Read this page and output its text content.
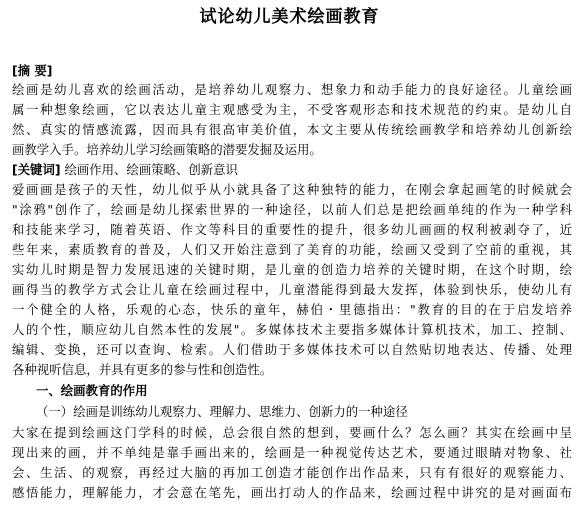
试论幼儿美术绘画教育
[摘 要]
绘画是幼儿喜欢的绘画活动，是培养幼儿观察力、想象力和动手能力的良好途径。儿童绘画
属一种想象绘画，它以表达儿童主观感受为主，不受客观形态和技术规范的约束。是幼儿自
然、真实的情感流露，因而具有很高审美价值，本文主要从传统绘画教学和培养幼儿创新绘
画教学入手。培养幼儿学习绘画策略的潜要发掘及运用。
[关键词] 绘画作用、绘画策略、创新意识
爱画画是孩子的天性，幼儿似乎从小就具备了这种独特的能力，在刚会拿起画笔的时候就会
"涂鸦"创作了，绘画是幼儿探索世界的一种途径，以前人们总是把绘画单纯的作为一种学科
和技能来学习，随着英语、作文等科目的重要性的提升，很多幼儿画画的权利被剥夺了，近
些年来，素质教育的普及，人们又开始注意到了美育的功能，绘画又受到了空前的重视，其
实幼儿时期是智力发展迅速的关键时期，是儿童的创造力培养的关键时期，在这个时期，绘
画得当的教学方式会让儿童在绘画过程中，儿童潜能得到最大发挥，体验到快乐，使幼儿有
一个健全的人格，乐观的心态，快乐的童年，赫伯・里德指出："教育的目的在于启发培养
人的个性，顺应幼儿自然本性的发展"。多媒体技术主要指多媒体计算机技术，加工、控制、
编辑、变换，还可以查询、检索。人们借助于多媒体技术可以自然贴切地表达、传播、处理
各种视听信息，并具有更多的参与性和创造性。
一、绘画教育的作用
（一）绘画是训练幼儿观察力、理解力、思维力、创新力的一种途径
大家在提到绘画这门学科的时候，总会很自然的想到，要画什么？怎么画？其实在绘画中呈
现出来的画，并不单纯是靠手画出来的，绘画是一种视觉传达艺术，要通过眼睛对物象、社
会、生活、的观察，再经过大脑的再加工创造才能创作出作品来，只有有很好的观察能力、
感悟能力，理解能力，才会意在笔先，画出打动人的作品来，绘画过程中讲究的是对画面布
